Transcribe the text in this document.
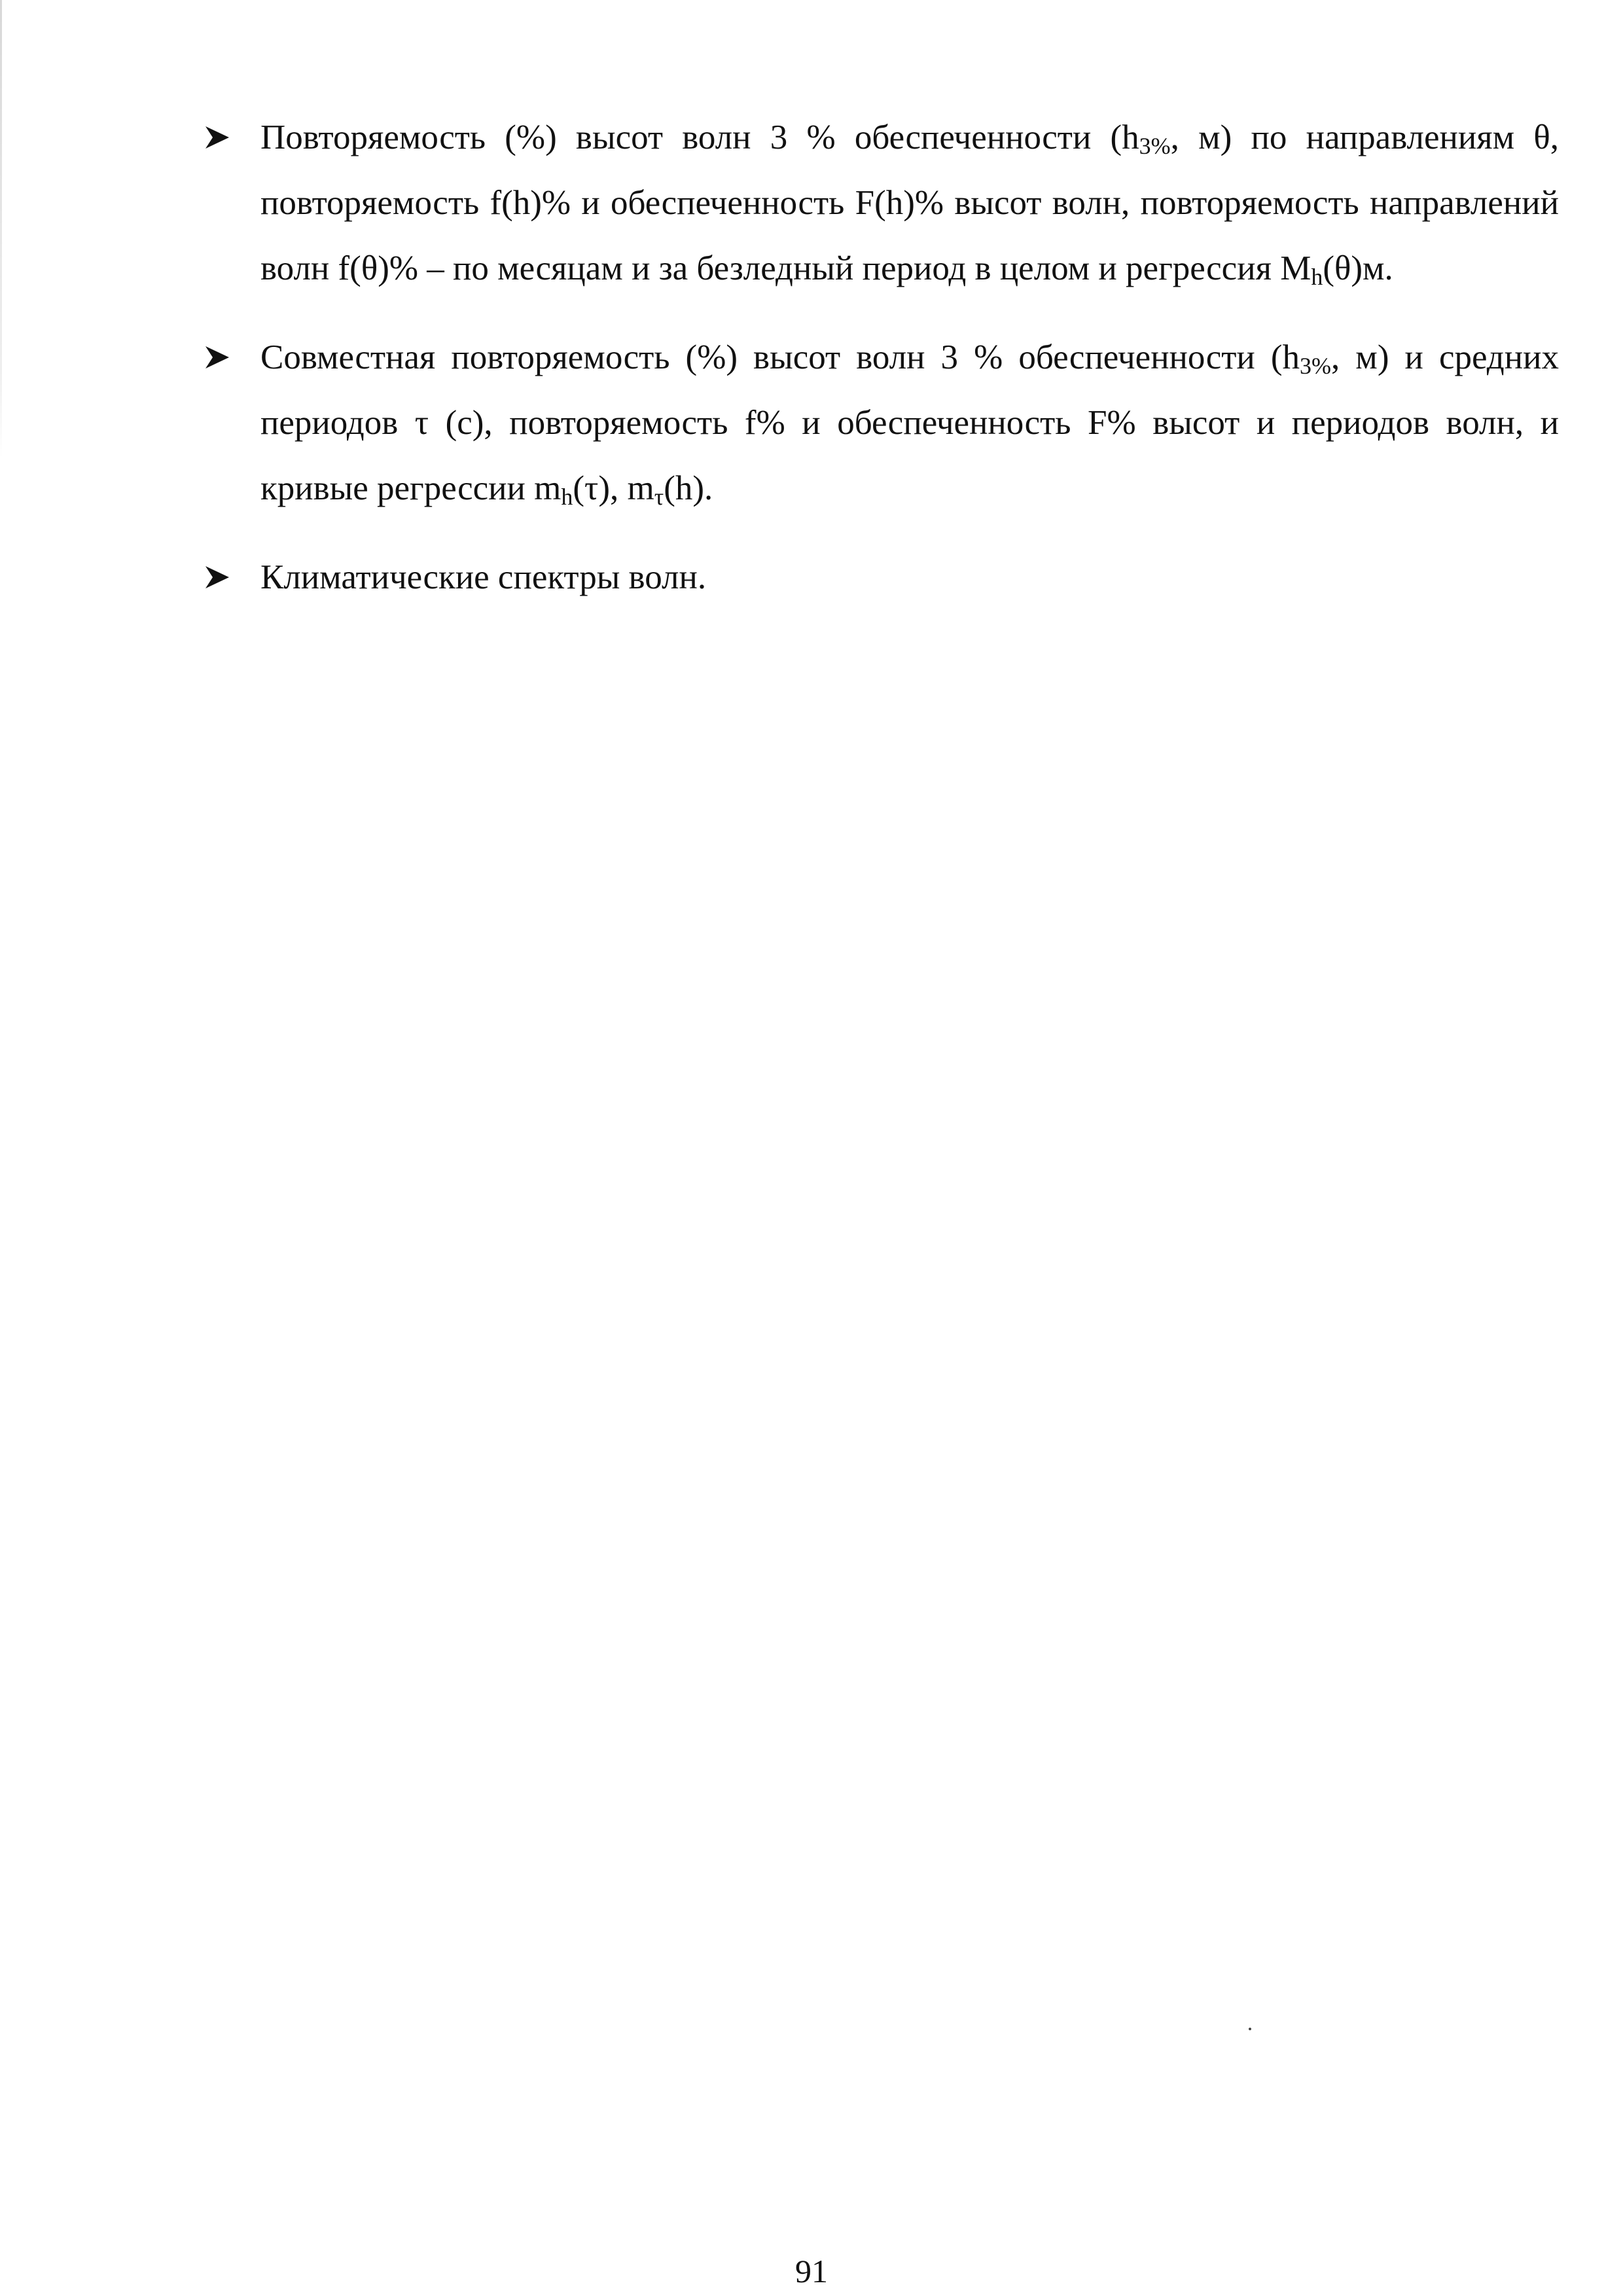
Повторяемость (%) высот волн 3 % обеспеченности ($h_{3\%}$, м) по направлениям θ, повторяемость f(h)% и обеспеченность F(h)% высот волн, повторяемость направлений волн f(θ)% – по месяцам и за безледный период в целом и регрессия $M_h(\theta)м$.
Совместная повторяемость (%) высот волн 3 % обеспеченности ($h_{3\%}$, м) и средних периодов τ (с), повторяемость f% и обеспеченность F% высот и периодов волн, и кривые регрессии $m_h(\tau)$, $m_\tau(h)$.
Климатические спектры волн.
91
